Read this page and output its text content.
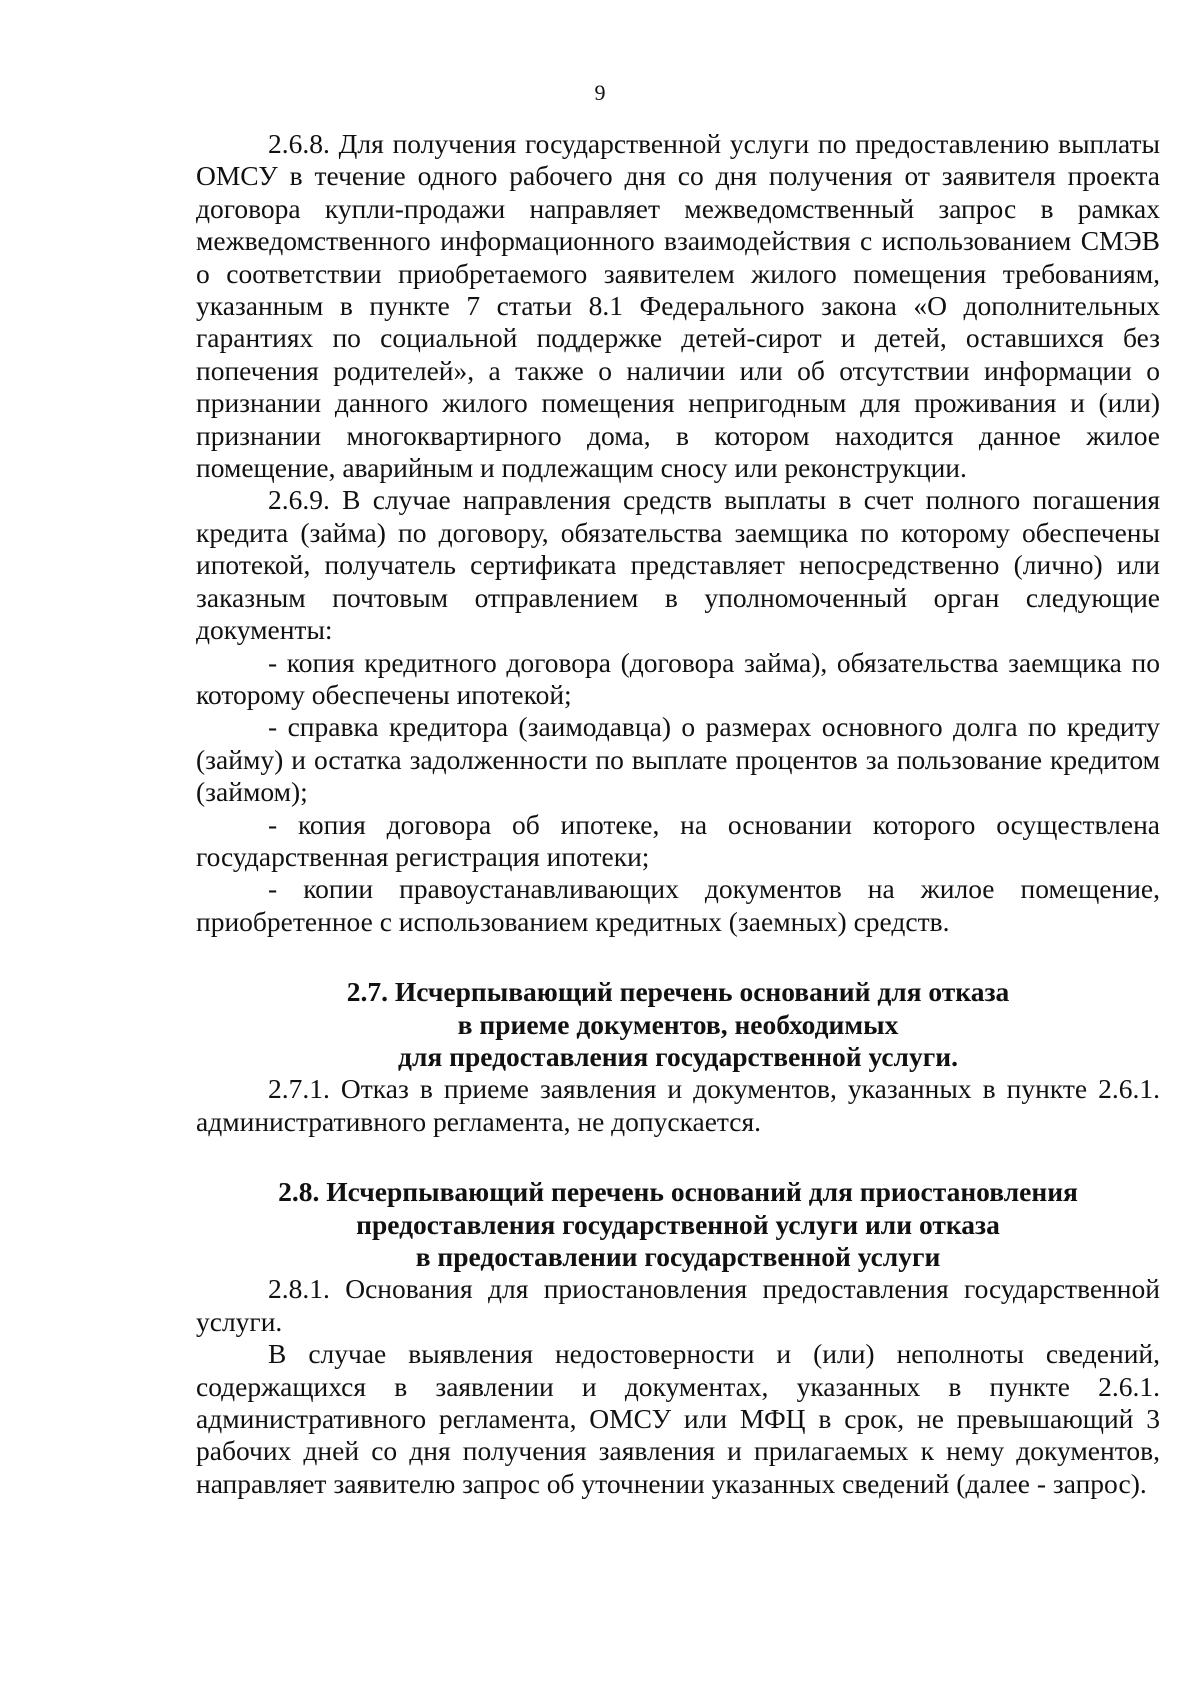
9

2.6.8. Для получения государственной услуги по предоставлению выплаты ОМСУ в течение одного рабочего дня со дня получения от заявителя проекта договора купли-продажи направляет межведомственный запрос в рамках межведомственного информационного взаимодействия с использованием СМЭВ о соответствии приобретаемого заявителем жилого помещения требованиям, указанным в пункте 7 статьи 8.1 Федерального закона «О дополнительных гарантиях по социальной поддержке детей-сирот и детей, оставшихся без попечения родителей», а также о наличии или об отсутствии информации о признании данного жилого помещения непригодным для проживания и (или) признании многоквартирного дома, в котором находится данное жилое помещение, аварийным и подлежащим сносу или реконструкции.

2.6.9. В случае направления средств выплаты в счет полного погашения кредита (займа) по договору, обязательства заемщика по которому обеспечены ипотекой, получатель сертификата представляет непосредственно (лично) или заказным почтовым отправлением в уполномоченный орган следующие документы:

- копия кредитного договора (договора займа), обязательства заемщика по которому обеспечены ипотекой;

- справка кредитора (заимодавца) о размерах основного долга по кредиту (займу) и остатка задолженности по выплате процентов за пользование кредитом (займом);

- копия договора об ипотеке, на основании которого осуществлена государственная регистрация ипотеки;

- копии правоустанавливающих документов на жилое помещение, приобретенное с использованием кредитных (заемных) средств.

2.7. Исчерпывающий перечень оснований для отказа

в приеме документов, необходимых

для предоставления государственной услуги.

2.7.1. Отказ в приеме заявления и документов, указанных в пункте 2.6.1. административного регламента, не допускается.

2.8. Исчерпывающий перечень оснований для приостановления

предоставления государственной услуги или отказа

в предоставлении государственной услуги

2.8.1. Основания для приостановления предоставления государственной услуги.

В случае выявления недостоверности и (или) неполноты сведений, содержащихся в заявлении и документах, указанных в пункте 2.6.1. административного регламента, ОМСУ или МФЦ в срок, не превышающий 3 рабочих дней со дня получения заявления и прилагаемых к нему документов, направляет заявителю запрос об уточнении указанных сведений (далее - запрос).
